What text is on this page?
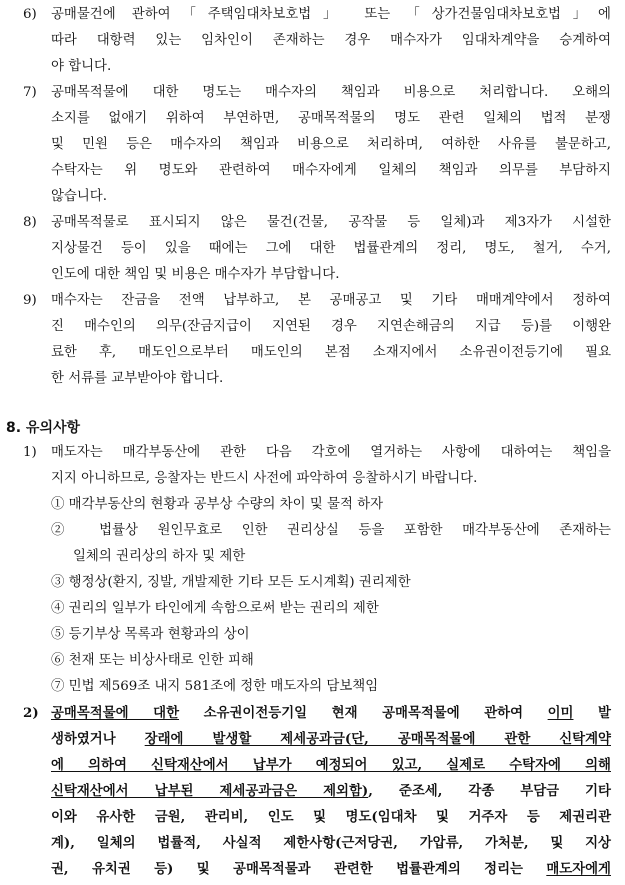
6) 공매물건에 관하여「주택임대차보호법」 또는 「상가건물임대차보호법」에
따라 대항력 있는 임차인이 존재하는 경우 매수자가 임대차계약을 승계하여
야 합니다.
7) 공매목적물에 대한 명도는 매수자의 책임과 비용으로 처리합니다. 오해의
소지를 없애기 위하여 부연하면, 공매목적물의 명도 관련 일체의 법적 분쟁
및 민원 등은 매수자의 책임과 비용으로 처리하며, 여하한 사유를 불문하고,
수탁자는 위 명도와 관련하여 매수자에게 일체의 책임과 의무를 부담하지
않습니다.
8) 공매목적물로 표시되지 않은 물건(건물, 공작물 등 일체)과 제3자가 시설한
지상물건 등이 있을 때에는 그에 대한 법률관계의 정리, 명도, 철거, 수거,
인도에 대한 책임 및 비용은 매수자가 부담합니다.
9) 매수자는 잔금을 전액 납부하고, 본 공매공고 및 기타 매매계약에서 정하여
진 매수인의 의무(잔금지급이 지연된 경우 지연손해금의 지급 등)를 이행완
료한 후, 매도인으로부터 매도인의 본점 소재지에서 소유권이전등기에 필요
한 서류를 교부받아야 합니다.
8. 유의사항
1) 매도자는 매각부동산에 관한 다음 각호에 열거하는 사항에 대하여는 책임을
지지 아니하므로, 응찰자는 반드시 사전에 파악하여 응찰하시기 바랍니다.
① 매각부동산의 현황과 공부상 수량의 차이 및 물적 하자
② 법률상 원인무효로 인한 권리상실 등을 포함한 매각부동산에 존재하는
일체의 권리상의 하자 및 제한
③ 행정상(환지, 징발, 개발제한 기타 모든 도시계획) 권리제한
④ 권리의 일부가 타인에게 속함으로써 받는 권리의 제한
⑤ 등기부상 목록과 현황과의 상이
⑥ 천재 또는 비상사태로 인한 피해
⑦ 민법 제569조 내지 581조에 정한 매도자의 담보책임
2) 공매목적물에 대한 소유권이전등기일 현재 공매목적물에 관하여 이미 발
생하였거나 장래에 발생할 제세공과금(단, 공매목적물에 관한 신탁계약
에 의하여 신탁재산에서 납부가 예정되어 있고, 실제로 수탁자에 의해
신탁재산에서 납부된 제세공과금은 제외함), 준조세, 각종 부담금 기타
이와 유사한 금원, 관리비, 인도 및 명도(임대차 및 거주자 등 제권리관
계), 일체의 법률적, 사실적 제한사항(근저당권, 가압류, 가처분, 및 지상
권, 유치권 등) 및 공매목적물과 관련한 법률관계의 정리는 매도자에게
